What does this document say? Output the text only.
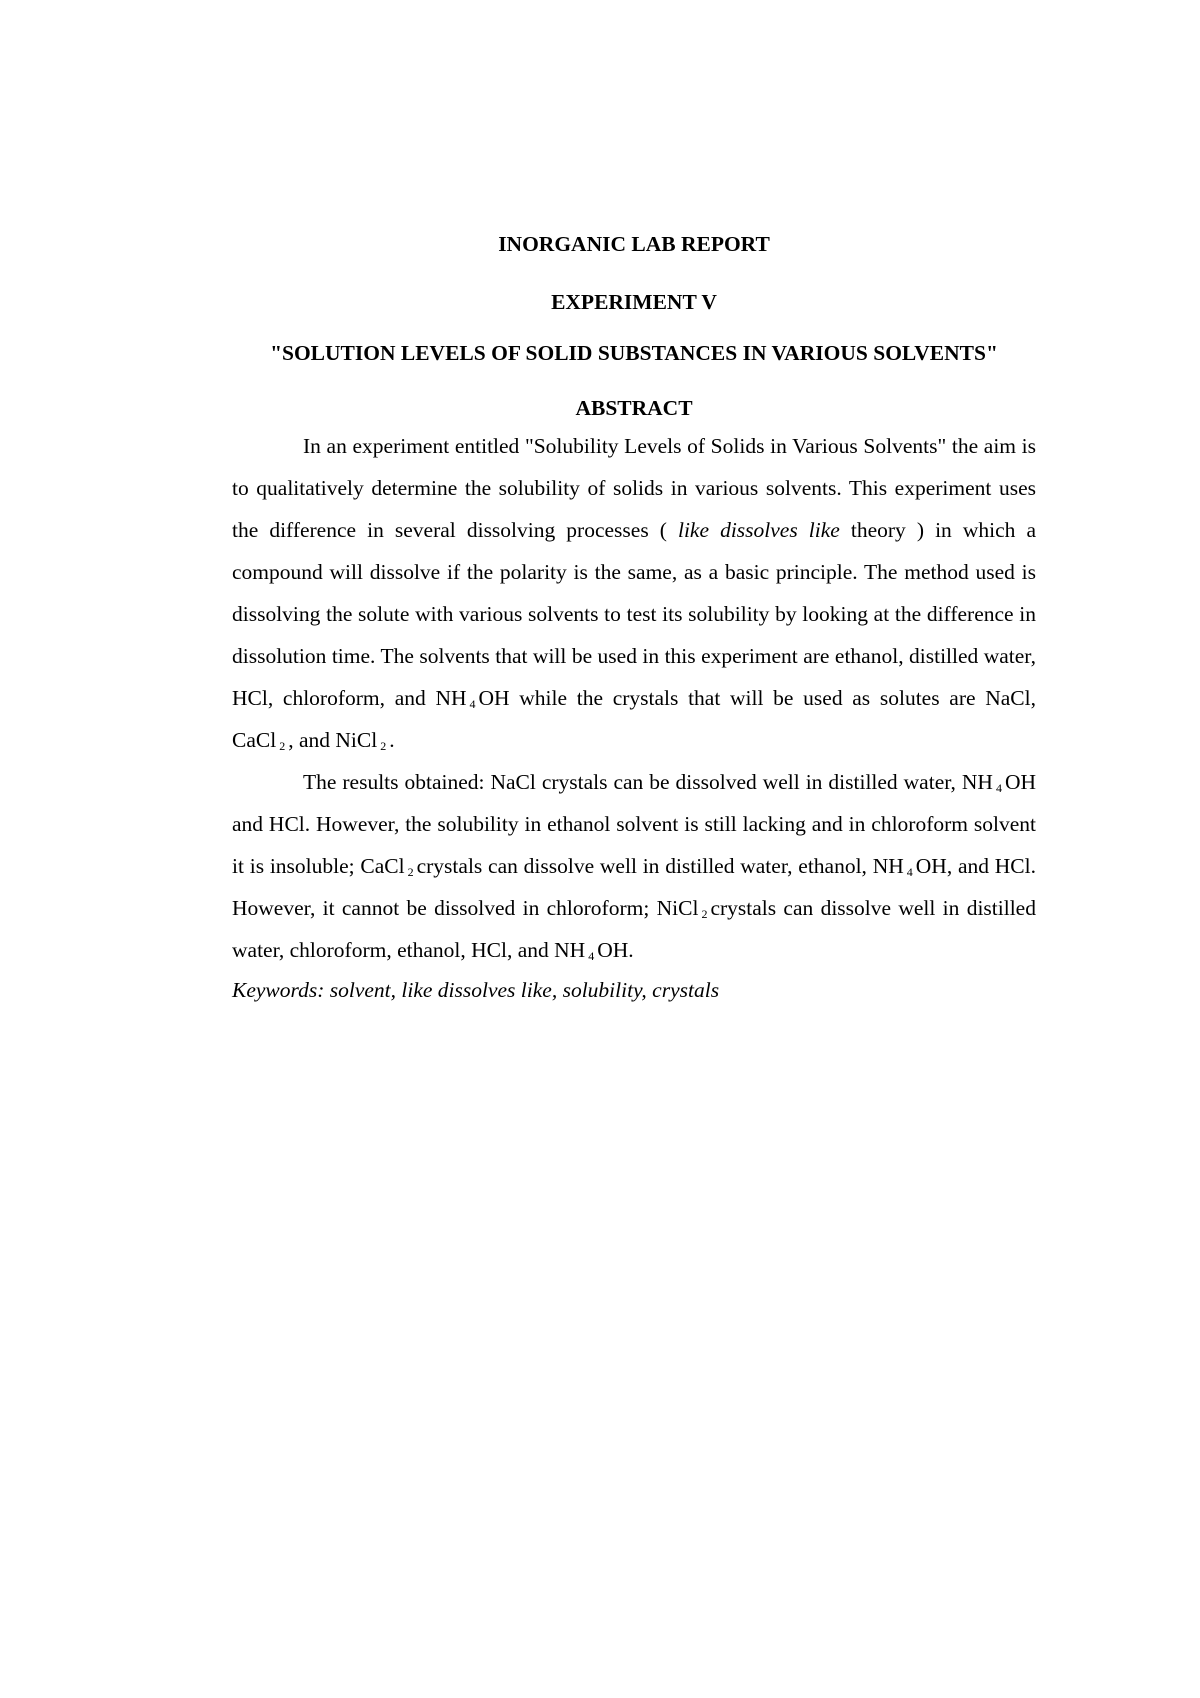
INORGANIC LAB REPORT

EXPERIMENT V

"SOLUTION LEVELS OF SOLID SUBSTANCES IN VARIOUS SOLVENTS"

ABSTRACT

In an experiment entitled "Solubility Levels of Solids in Various Solvents" the aim is to qualitatively determine the solubility of solids in various solvents. This experiment uses the difference in several dissolving processes ( like dissolves like theory ) in which a compound will dissolve if the polarity is the same, as a basic principle. The method used is dissolving the solute with various solvents to test its solubility by looking at the difference in dissolution time. The solvents that will be used in this experiment are ethanol, distilled water, HCl, chloroform, and NH $_4$ OH while the crystals that will be used as solutes are NaCl, CaCl $_2$ , and NiCl $_2$ .

The results obtained: NaCl crystals can be dissolved well in distilled water, NH $_4$ OH and HCl. However, the solubility in ethanol solvent is still lacking and in chloroform solvent it is insoluble; CaCl $_2$ crystals can dissolve well in distilled water, ethanol, NH $_4$ OH, and HCl. However, it cannot be dissolved in chloroform; NiCl $_2$ crystals can dissolve well in distilled water, chloroform, ethanol, HCl, and NH $_4$ OH.

Keywords: solvent, like dissolves like, solubility, crystals
